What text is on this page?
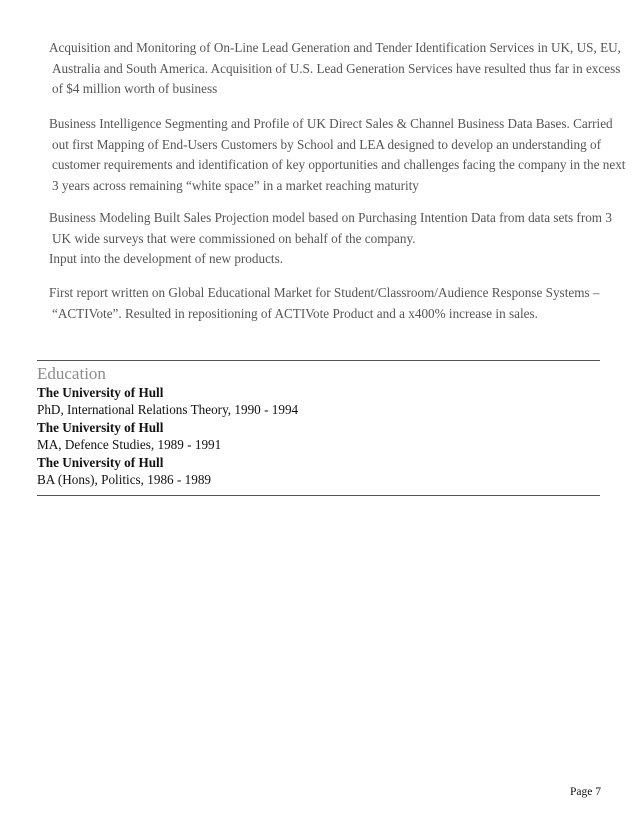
Acquisition and Monitoring of On-Line Lead Generation and Tender Identification Services in UK, US, EU,
Australia and South America. Acquisition of U.S. Lead Generation Services have resulted thus far in excess
of $4 million worth of business
Business Intelligence Segmenting and Profile of UK Direct Sales & Channel Business Data Bases. Carried
out first Mapping of End-Users Customers by School and LEA designed to develop an understanding of
customer requirements and identification of key opportunities and challenges facing the company in the next
3 years across remaining “white space” in a market reaching maturity
Business Modeling Built Sales Projection model based on Purchasing Intention Data from data sets from 3
UK wide surveys that were commissioned on behalf of the company.
Input into the development of new products.
First report written on Global Educational Market for Student/Classroom/Audience Response Systems –
“ACTIVote”. Resulted in repositioning of ACTIVote Product and a x400% increase in sales.
Education
The University of Hull
PhD, International Relations Theory, 1990 - 1994
The University of Hull
MA, Defence Studies, 1989 - 1991
The University of Hull
BA (Hons), Politics, 1986 - 1989
Page 7
